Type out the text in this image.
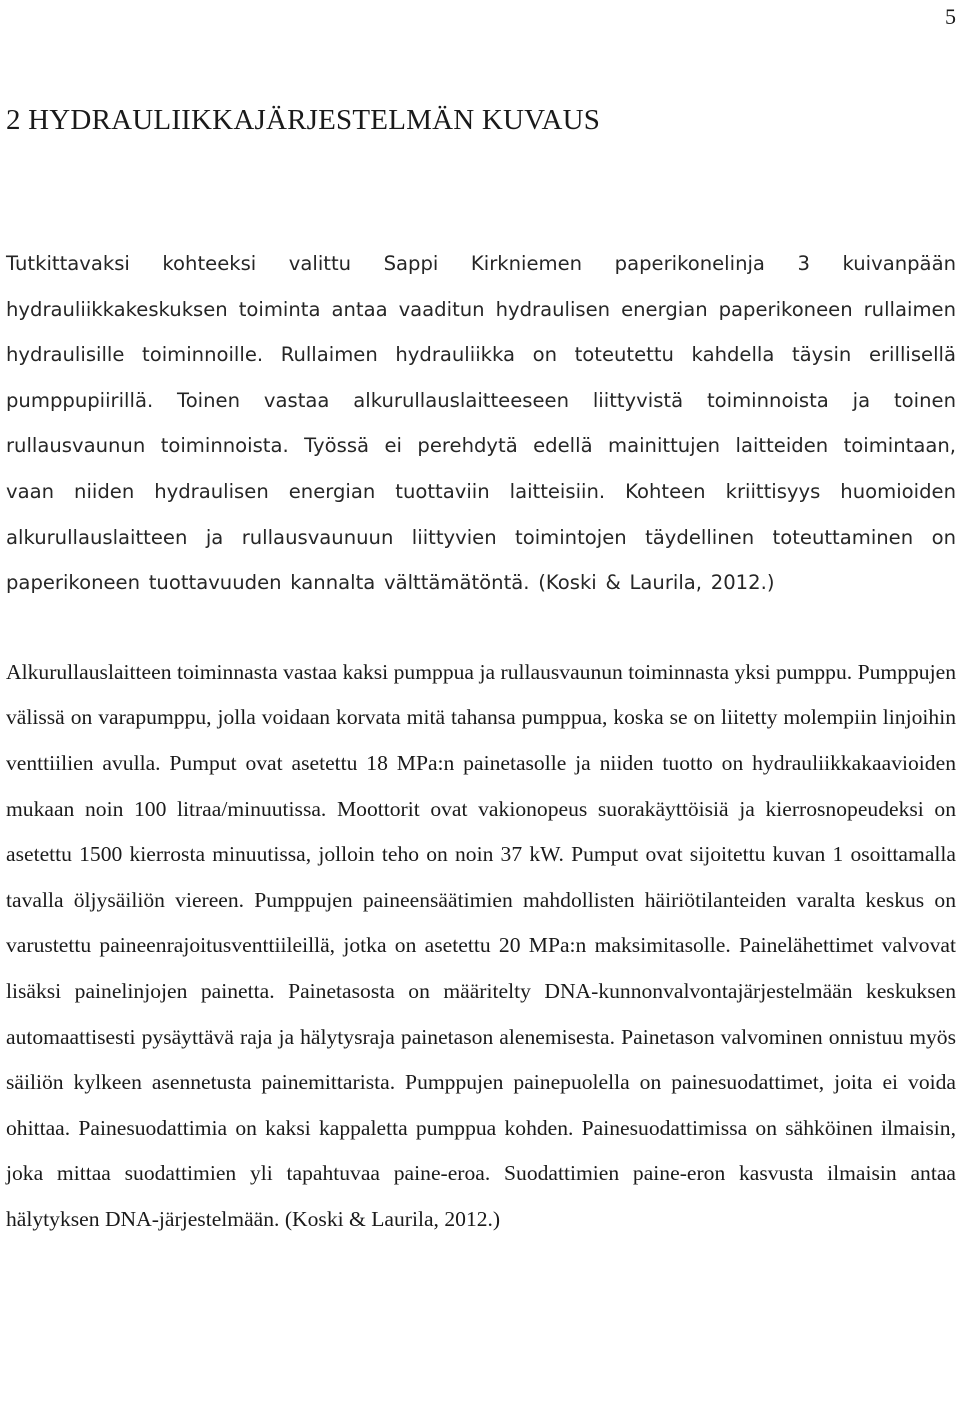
5
2 HYDRAULIIKKAJÄRJESTELMÄN KUVAUS

Tutkittavaksi kohteeksi valittu Sappi Kirkniemen paperikonelinja 3 kuivanpään hydrauliikkakeskuksen toiminta antaa vaaditun hydraulisen energian paperikoneen rullaimen hydraulisille toiminnoille. Rullaimen hydrauliikka on toteutettu kahdella täysin erillisellä pumppupiirillä. Toinen vastaa alkurullauslaitteeseen liittyvistä toiminnoista ja toinen rullausvaunun toiminnoista. Työssä ei perehdytä edellä mainittujen laitteiden toimintaan, vaan niiden hydraulisen energian tuottaviin laitteisiin. Kohteen kriittisyys huomioiden alkurullauslaitteen ja rullausvaunuun liittyvien toimintojen täydellinen toteuttaminen on paperikoneen tuottavuuden kannalta välttämätöntä. (Koski & Laurila, 2012.)

Alkurullauslaitteen toiminnasta vastaa kaksi pumppua ja rullausvaunun toiminnasta yksi pumppu. Pumppujen välissä on varapumppu, jolla voidaan korvata mitä tahansa pumppua, koska se on liitetty molempiin linjoihin venttiilien avulla. Pumput ovat asetettu 18 MPa:n painetasolle ja niiden tuotto on hydrauliikkakaavioiden mukaan noin 100 litraa/minuutissa. Moottorit ovat vakionopeus suorakäyttöisiä ja kierrosnopeudeksi on asetettu 1500 kierrosta minuutissa, jolloin teho on noin 37 kW. Pumput ovat sijoitettu kuvan 1 osoittamalla tavalla öljysäiliön viereen. Pumppujen paineensäätimien mahdollisten häiriötilanteiden varalta keskus on varustettu paineenrajoitusventtiileillä, jotka on asetettu 20 MPa:n maksimitasolle. Painelähettimet valvovat lisäksi painelinjojen painetta. Painetasosta on määritelty DNA-kunnonvalvontajärjestelmään keskuksen automaattisesti pysäyttävä raja ja hälytysraja painetason alenemisesta. Painetason valvominen onnistuu myös säiliön kylkeen asennetusta painemittarista. Pumppujen painepuolella on painesuodattimet, joita ei voida ohittaa. Painesuodattimia on kaksi kappaletta pumppua kohden. Painesuodattimissa on sähköinen ilmaisin, joka mittaa suodattimien yli tapahtuvaa paine-eroa. Suodattimien paine-eron kasvusta ilmaisin antaa hälytyksen DNA-järjestelmään. (Koski & Laurila, 2012.)
